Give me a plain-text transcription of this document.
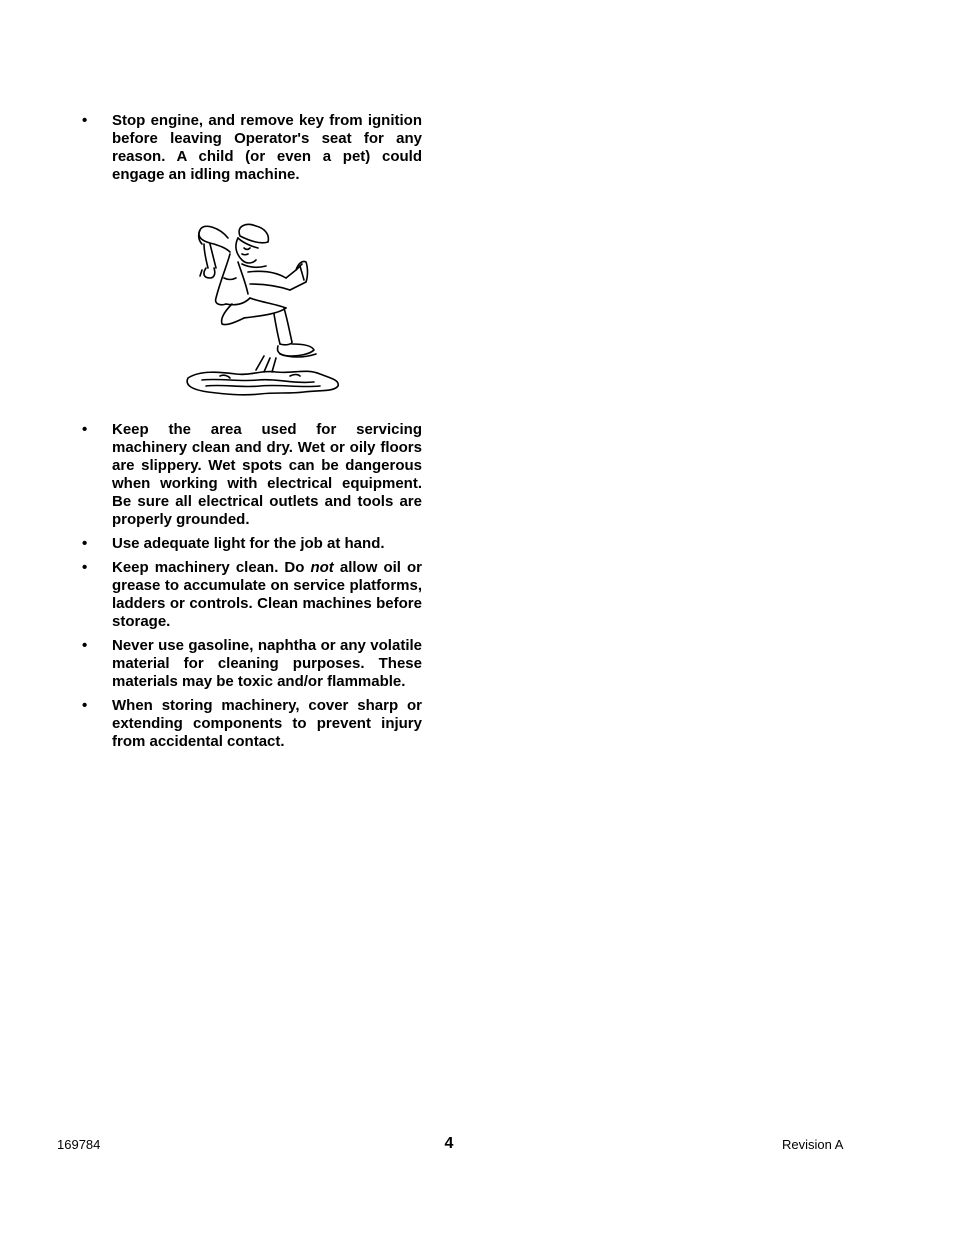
•	Stop engine, and remove key from ignition before leaving Operator's seat for any reason. A child (or even a pet) could engage an idling machine.

•	Keep the area used for servicing machinery clean and dry. Wet or oily floors are slippery. Wet spots can be dangerous when working with electrical equipment. Be sure all electrical outlets and tools are properly grounded.

•	Use adequate light for the job at hand.

•	Keep machinery clean. Do not allow oil or grease to accumulate on service platforms, ladders or controls. Clean machines before storage.

•	Never use gasoline, naphtha or any volatile material for cleaning purposes. These materials may be toxic and/or flammable.

•	When storing machinery, cover sharp or extending components to prevent injury from accidental contact.

169784	4	Revision A
